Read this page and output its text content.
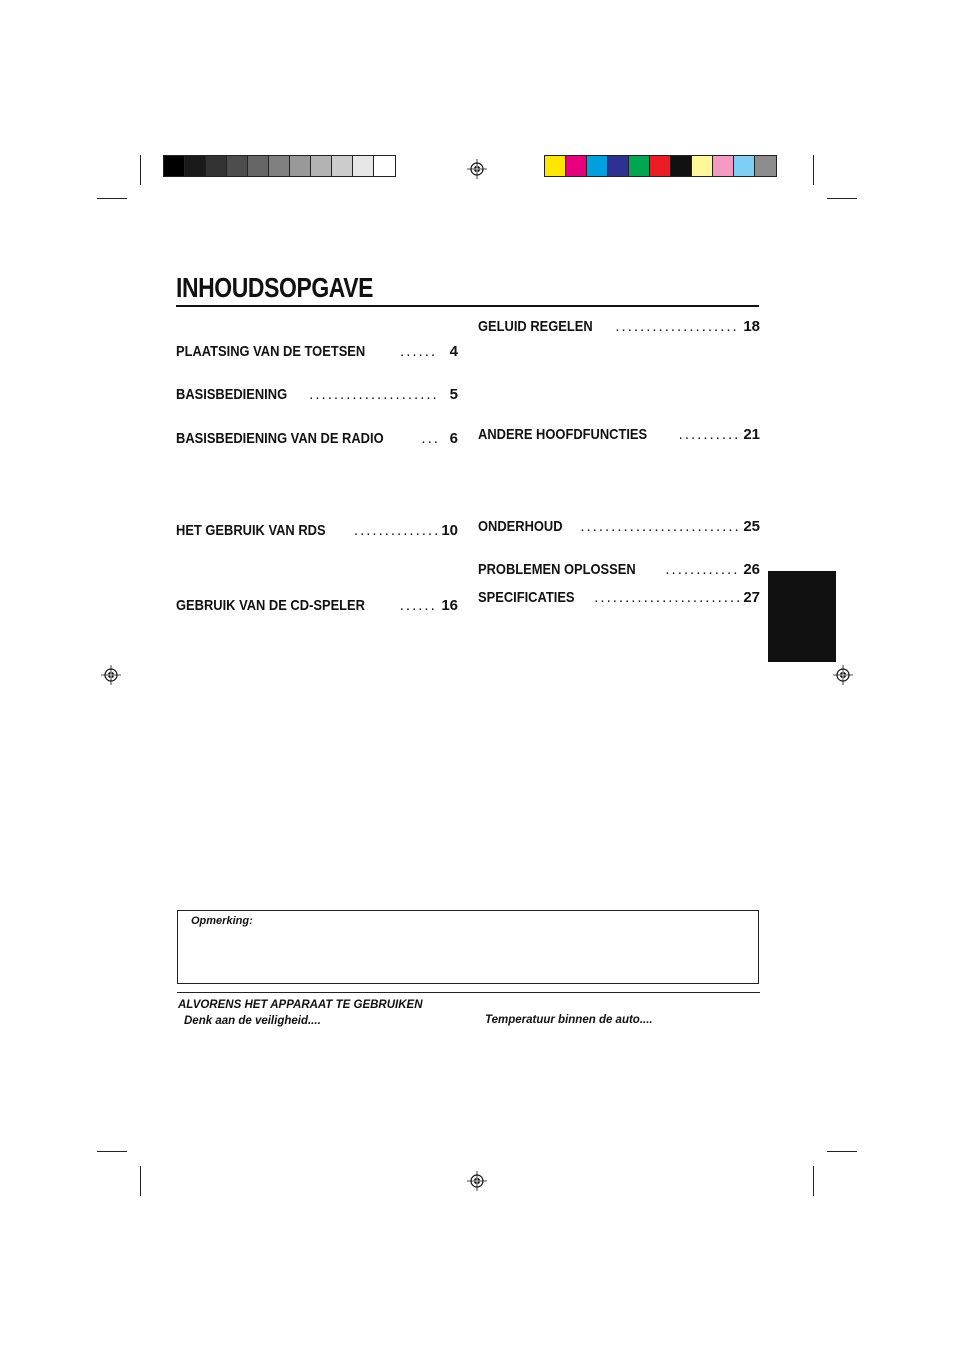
INHOUDSOPGAVE
PLAATSING VAN DE TOETSEN .....	4
BASISBEDIENING .....	5
BASISBEDIENING VAN DE RADIO .....	6
HET GEBRUIK VAN RDS .....	10
GEBRUIK VAN DE CD-SPELER .....	16
GELUID REGELEN .....	18
ANDERE HOOFDFUNCTIES .....	21
ONDERHOUD .....	25
PROBLEMEN OPLOSSEN .....	26
SPECIFICATIES .....	27
Opmerking:
ALVORENS HET APPARAAT TE GEBRUIKEN
Denk aan de veiligheid....	Temperatuur binnen de auto....
